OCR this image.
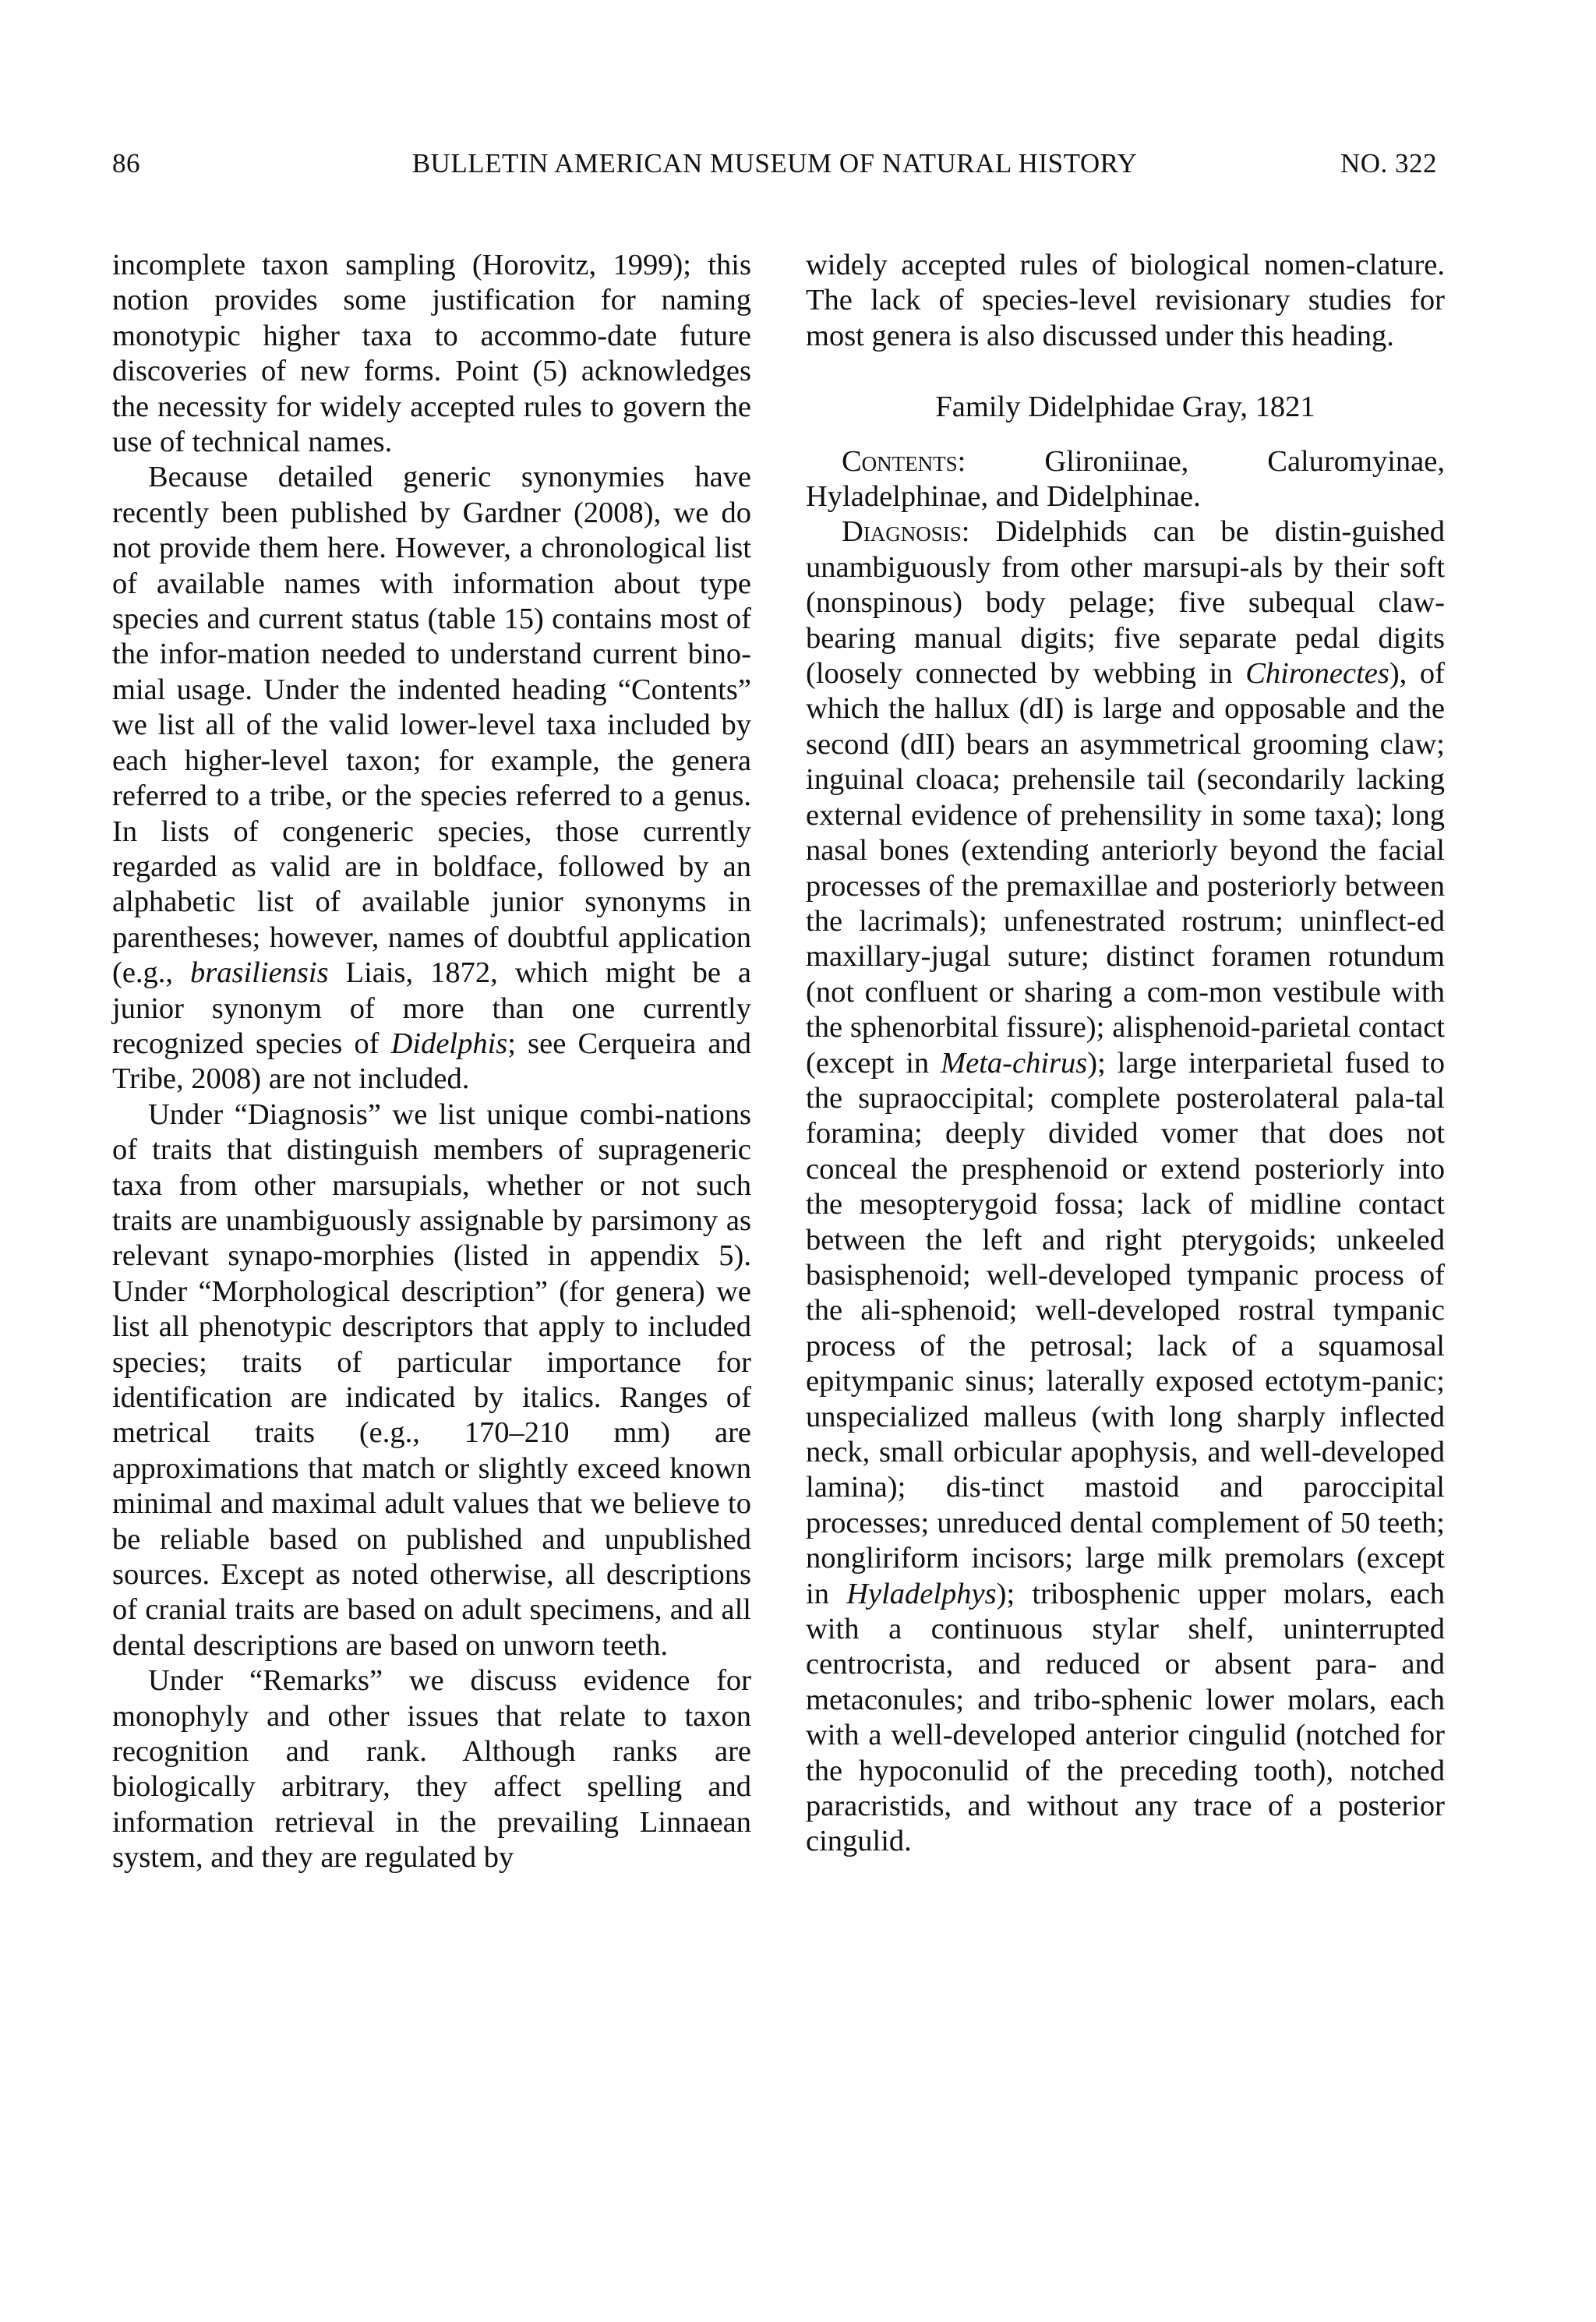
86	BULLETIN AMERICAN MUSEUM OF NATURAL HISTORY	NO. 322

incomplete taxon sampling (Horovitz, 1999); this notion provides some justification for naming monotypic higher taxa to accommo-date future discoveries of new forms. Point (5) acknowledges the necessity for widely accepted rules to govern the use of technical names.

Because detailed generic synonymies have recently been published by Gardner (2008), we do not provide them here. However, a chronological list of available names with information about type species and current status (table 15) contains most of the infor-mation needed to understand current bino-mial usage. Under the indented heading “Contents” we list all of the valid lower-level taxa included by each higher-level taxon; for example, the genera referred to a tribe, or the species referred to a genus. In lists of congeneric species, those currently regarded as valid are in boldface, followed by an alphabetic list of available junior synonyms in parentheses; however, names of doubtful application (e.g., brasiliensis Liais, 1872, which might be a junior synonym of more than one currently recognized species of Didelphis; see Cerqueira and Tribe, 2008) are not included.

Under “Diagnosis” we list unique combi-nations of traits that distinguish members of suprageneric taxa from other marsupials, whether or not such traits are unambiguously assignable by parsimony as relevant synapo-morphies (listed in appendix 5). Under “Morphological description” (for genera) we list all phenotypic descriptors that apply to included species; traits of particular importance for identification are indicated by italics. Ranges of metrical traits (e.g., 170–210 mm) are approximations that match or slightly exceed known minimal and maximal adult values that we believe to be reliable based on published and unpublished sources. Except as noted otherwise, all descriptions of cranial traits are based on adult specimens, and all dental descriptions are based on unworn teeth.

Under “Remarks” we discuss evidence for monophyly and other issues that relate to taxon recognition and rank. Although ranks are biologically arbitrary, they affect spelling and information retrieval in the prevailing Linnaean system, and they are regulated by

widely accepted rules of biological nomen-clature. The lack of species-level revisionary studies for most genera is also discussed under this heading.

Family Didelphidae Gray, 1821

Contents: Glironiinae, Caluromyinae, Hyladelphinae, and Didelphinae.

Diagnosis: Didelphids can be distin-guished unambiguously from other marsupi-als by their soft (nonspinous) body pelage; five subequal claw-bearing manual digits; five separate pedal digits (loosely connected by webbing in Chironectes), of which the hallux (dI) is large and opposable and the second (dII) bears an asymmetrical grooming claw; inguinal cloaca; prehensile tail (secondarily lacking external evidence of prehensility in some taxa); long nasal bones (extending anteriorly beyond the facial processes of the premaxillae and posteriorly between the lacrimals); unfenestrated rostrum; uninflect-ed maxillary-jugal suture; distinct foramen rotundum (not confluent or sharing a com-mon vestibule with the sphenorbital fissure); alisphenoid-parietal contact (except in Meta-chirus); large interparietal fused to the supraoccipital; complete posterolateral pala-tal foramina; deeply divided vomer that does not conceal the presphenoid or extend posteriorly into the mesopterygoid fossa; lack of midline contact between the left and right pterygoids; unkeeled basisphenoid; well-developed tympanic process of the ali-sphenoid; well-developed rostral tympanic process of the petrosal; lack of a squamosal epitympanic sinus; laterally exposed ectotym-panic; unspecialized malleus (with long sharply inflected neck, small orbicular apophysis, and well-developed lamina); dis-tinct mastoid and paroccipital processes; unreduced dental complement of 50 teeth; nongliriform incisors; large milk premolars (except in Hyladelphys); tribosphenic upper molars, each with a continuous stylar shelf, uninterrupted centrocrista, and reduced or absent para- and metaconules; and tribo-sphenic lower molars, each with a well-developed anterior cingulid (notched for the hypoconulid of the preceding tooth), notched paracristids, and without any trace of a posterior cingulid.
